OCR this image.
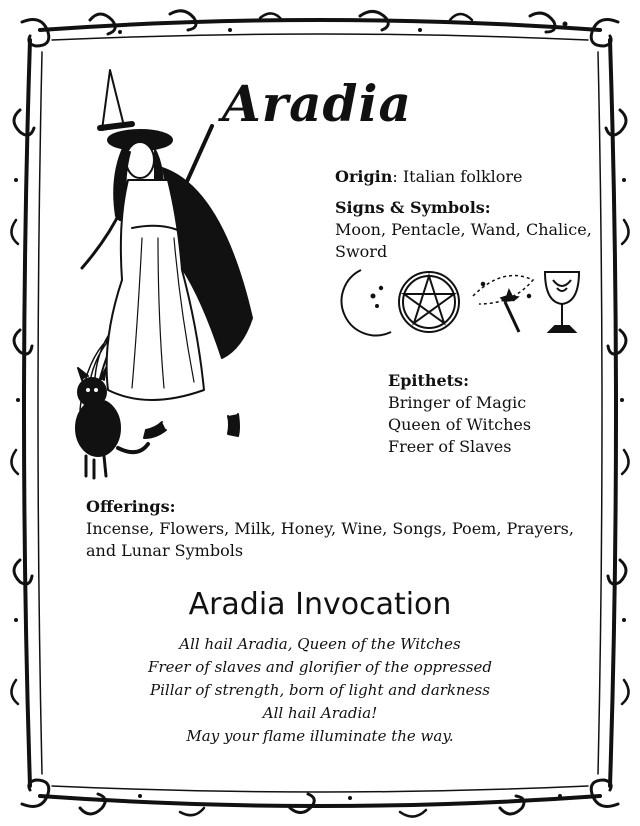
Aradia
Origin: Italian folklore
Signs & Symbols:
Moon, Pentacle, Wand, Chalice, Sword
Epithets:
Bringer of Magic
Queen of Witches
Freer of Slaves
Offerings:
Incense, Flowers, Milk, Honey, Wine, Songs, Poem, Prayers, and Lunar Symbols
Aradia Invocation
All hail Aradia, Queen of the Witches
Freer of slaves and glorifier of the oppressed
Pillar of strength, born of light and darkness
All hail Aradia!
May your flame illuminate the way.
